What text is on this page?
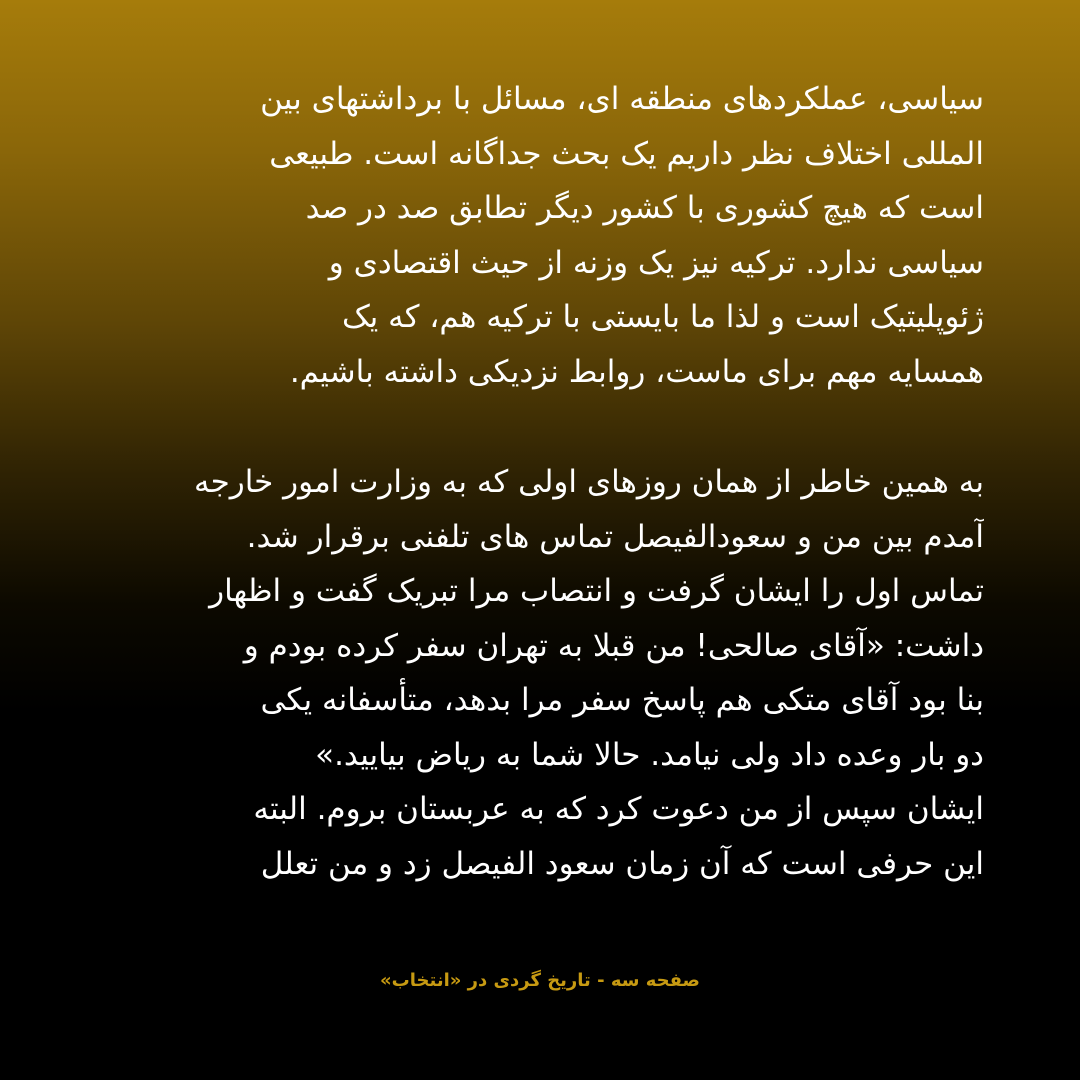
سیاسی، عملکردهای منطقه ای، مسائل با برداشتهای بین
المللی اختلاف نظر داریم یک بحث جداگانه است. طبیعی
است که هیچ کشوری با کشور دیگر تطابق صد در صد
سیاسی ندارد. ترکیه نیز یک وزنه از حیث اقتصادی و
ژئوپلیتیک است و لذا ما بایستی با ترکیه هم، که یک
همسایه مهم برای ماست، روابط نزدیکی داشته باشیم.

به همین خاطر از همان روزهای اولی که به وزارت امور خارجه
آمدم بین من و سعودالفیصل تماس های تلفنی برقرار شد.
تماس اول را ایشان گرفت و انتصاب مرا تبریک گفت و اظهار
داشت: «آقای صالحی! من قبلا به تهران سفر کرده بودم و
بنا بود آقای متکی هم پاسخ سفر مرا بدهد، متأسفانه یکی
دو بار وعده داد ولی نیامد. حالا شما به ریاض بیایید.»
ایشان سپس از من دعوت کرد که به عربستان بروم. البته
این حرفی است که آن زمان سعود الفیصل زد و من تعلل

صفحه سه - تاریخ گردی در «انتخاب»
